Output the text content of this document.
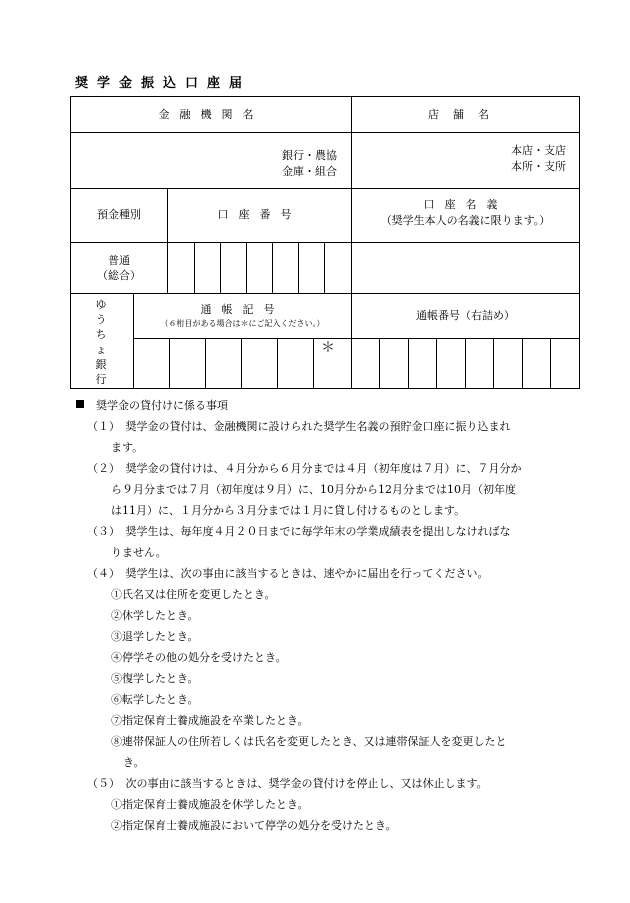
奨学金振込口座届
金融機関名	店舗名
銀行・農協
金庫・組合
本店・支店
本所・支所
預金種別	口座番号
口座名義
（奨学生本人の名義に限ります。）
普通
（総合）
ゆうちょ銀行
通帳記号
（６桁目がある場合は＊にご記入ください。）
通帳番号（右詰め）
＊
奨学金の貸付けに係る事項
（１）　奨学金の貸付は、金融機関に設けられた奨学生名義の預貯金口座に振り込まれ
ます。
（２）　奨学金の貸付けは、４月分から６月分までは４月（初年度は７月）に、７月分か
ら９月分までは７月（初年度は９月）に、10月分から12月分までは10月（初年度
は11月）に、１月分から３月分までは１月に貸し付けるものとします。
（３）　奨学生は、毎年度４月２０日までに毎学年末の学業成績表を提出しなければな
りません。
（４）　奨学生は、次の事由に該当するときは、速やかに届出を行ってください。
①氏名又は住所を変更したとき。
②休学したとき。
③退学したとき。
④停学その他の処分を受けたとき。
⑤復学したとき。
⑥転学したとき。
⑦指定保育士養成施設を卒業したとき。
⑧連帯保証人の住所若しくは氏名を変更したとき、又は連帯保証人を変更したと
き。
（５）　次の事由に該当するときは、奨学金の貸付けを停止し、又は休止します。
①指定保育士養成施設を休学したとき。
②指定保育士養成施設において停学の処分を受けたとき。
